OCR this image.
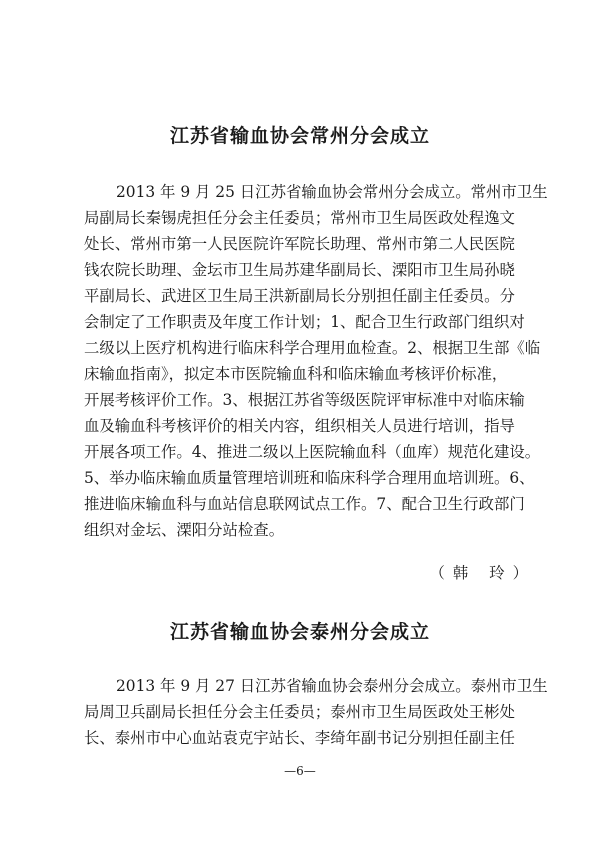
江苏省输血协会常州分会成立
2013 年 9 月 25 日江苏省输血协会常州分会成立。常州市卫生
局副局长秦锡虎担任分会主任委员；常州市卫生局医政处程逸文
处长、常州市第一人民医院许军院长助理、常州市第二人民医院
钱农院长助理、金坛市卫生局苏建华副局长、溧阳市卫生局孙晓
平副局长、武进区卫生局王洪新副局长分别担任副主任委员。分
会制定了工作职责及年度工作计划；1、配合卫生行政部门组织对
二级以上医疗机构进行临床科学合理用血检查。2、根据卫生部《临
床输血指南》，拟定本市医院输血科和临床输血考核评价标准，
开展考核评价工作。3、根据江苏省等级医院评审标准中对临床输
血及输血科考核评价的相关内容，组织相关人员进行培训，指导
开展各项工作。4、推进二级以上医院输血科（血库）规范化建设。
5、举办临床输血质量管理培训班和临床科学合理用血培训班。6、
推进临床输血科与血站信息联网试点工作。7、配合卫生行政部门
组织对金坛、溧阳分站检查。
（韩 玲）
江苏省输血协会泰州分会成立
2013 年 9 月 27 日江苏省输血协会泰州分会成立。泰州市卫生
局周卫兵副局长担任分会主任委员；泰州市卫生局医政处王彬处
长、泰州市中心血站袁克宇站长、李绮年副书记分别担任副主任
—6—
